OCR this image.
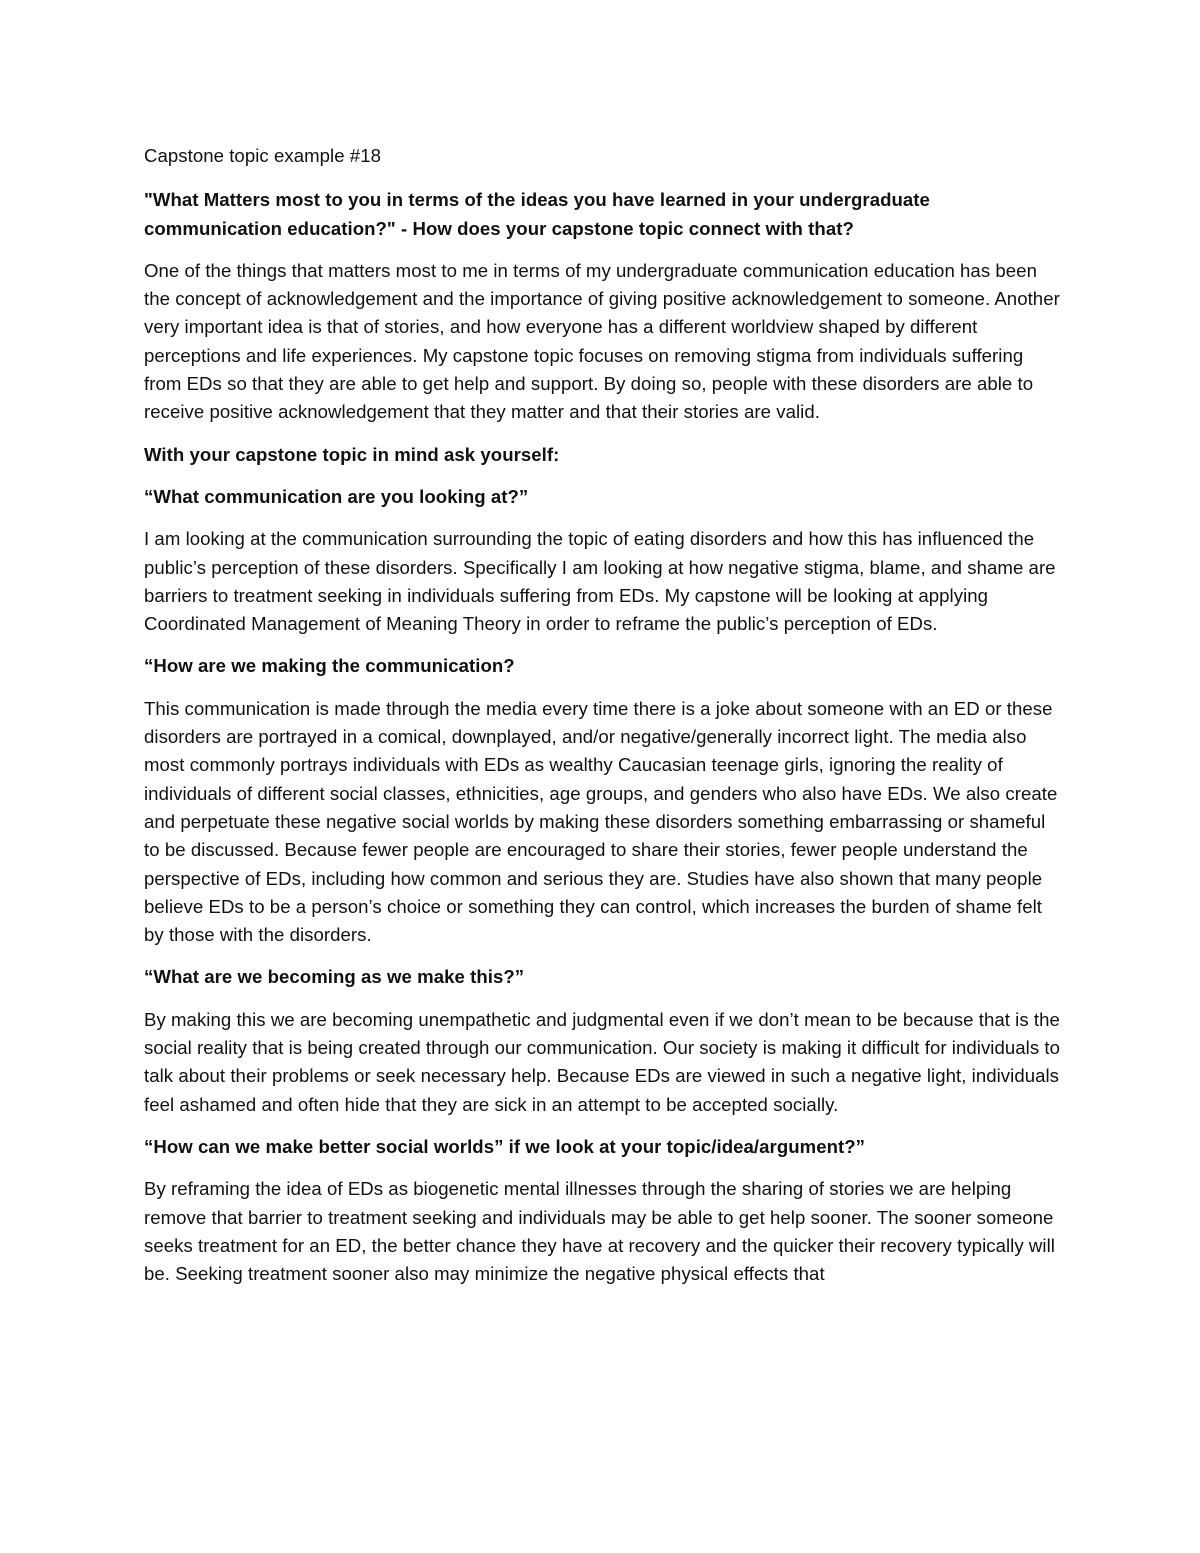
Capstone topic example #18

"What Matters most to you in terms of the ideas you have learned in your undergraduate communication education?" - How does your capstone topic connect with that?

One of the things that matters most to me in terms of my undergraduate communication education has been the concept of acknowledgement and the importance of giving positive acknowledgement to someone. Another very important idea is that of stories, and how everyone has a different worldview shaped by different perceptions and life experiences. My capstone topic focuses on removing stigma from individuals suffering from EDs so that they are able to get help and support. By doing so, people with these disorders are able to receive positive acknowledgement that they matter and that their stories are valid.

With your capstone topic in mind ask yourself:

“What communication are you looking at?”

I am looking at the communication surrounding the topic of eating disorders and how this has influenced the public’s perception of these disorders. Specifically I am looking at how negative stigma, blame, and shame are barriers to treatment seeking in individuals suffering from EDs. My capstone will be looking at applying Coordinated Management of Meaning Theory in order to reframe the public’s perception of EDs.

“How are we making the communication?

This communication is made through the media every time there is a joke about someone with an ED or these disorders are portrayed in a comical, downplayed, and/or negative/generally incorrect light. The media also most commonly portrays individuals with EDs as wealthy Caucasian teenage girls, ignoring the reality of individuals of different social classes, ethnicities, age groups, and genders who also have EDs. We also create and perpetuate these negative social worlds by making these disorders something embarrassing or shameful to be discussed. Because fewer people are encouraged to share their stories, fewer people understand the perspective of EDs, including how common and serious they are. Studies have also shown that many people believe EDs to be a person’s choice or something they can control, which increases the burden of shame felt by those with the disorders.

“What are we becoming as we make this?”

By making this we are becoming unempathetic and judgmental even if we don’t mean to be because that is the social reality that is being created through our communication. Our society is making it difficult for individuals to talk about their problems or seek necessary help. Because EDs are viewed in such a negative light, individuals feel ashamed and often hide that they are sick in an attempt to be accepted socially.

“How can we make better social worlds” if we look at your topic/idea/argument?”

By reframing the idea of EDs as biogenetic mental illnesses through the sharing of stories we are helping remove that barrier to treatment seeking and individuals may be able to get help sooner. The sooner someone seeks treatment for an ED, the better chance they have at recovery and the quicker their recovery typically will be. Seeking treatment sooner also may minimize the negative physical effects that
